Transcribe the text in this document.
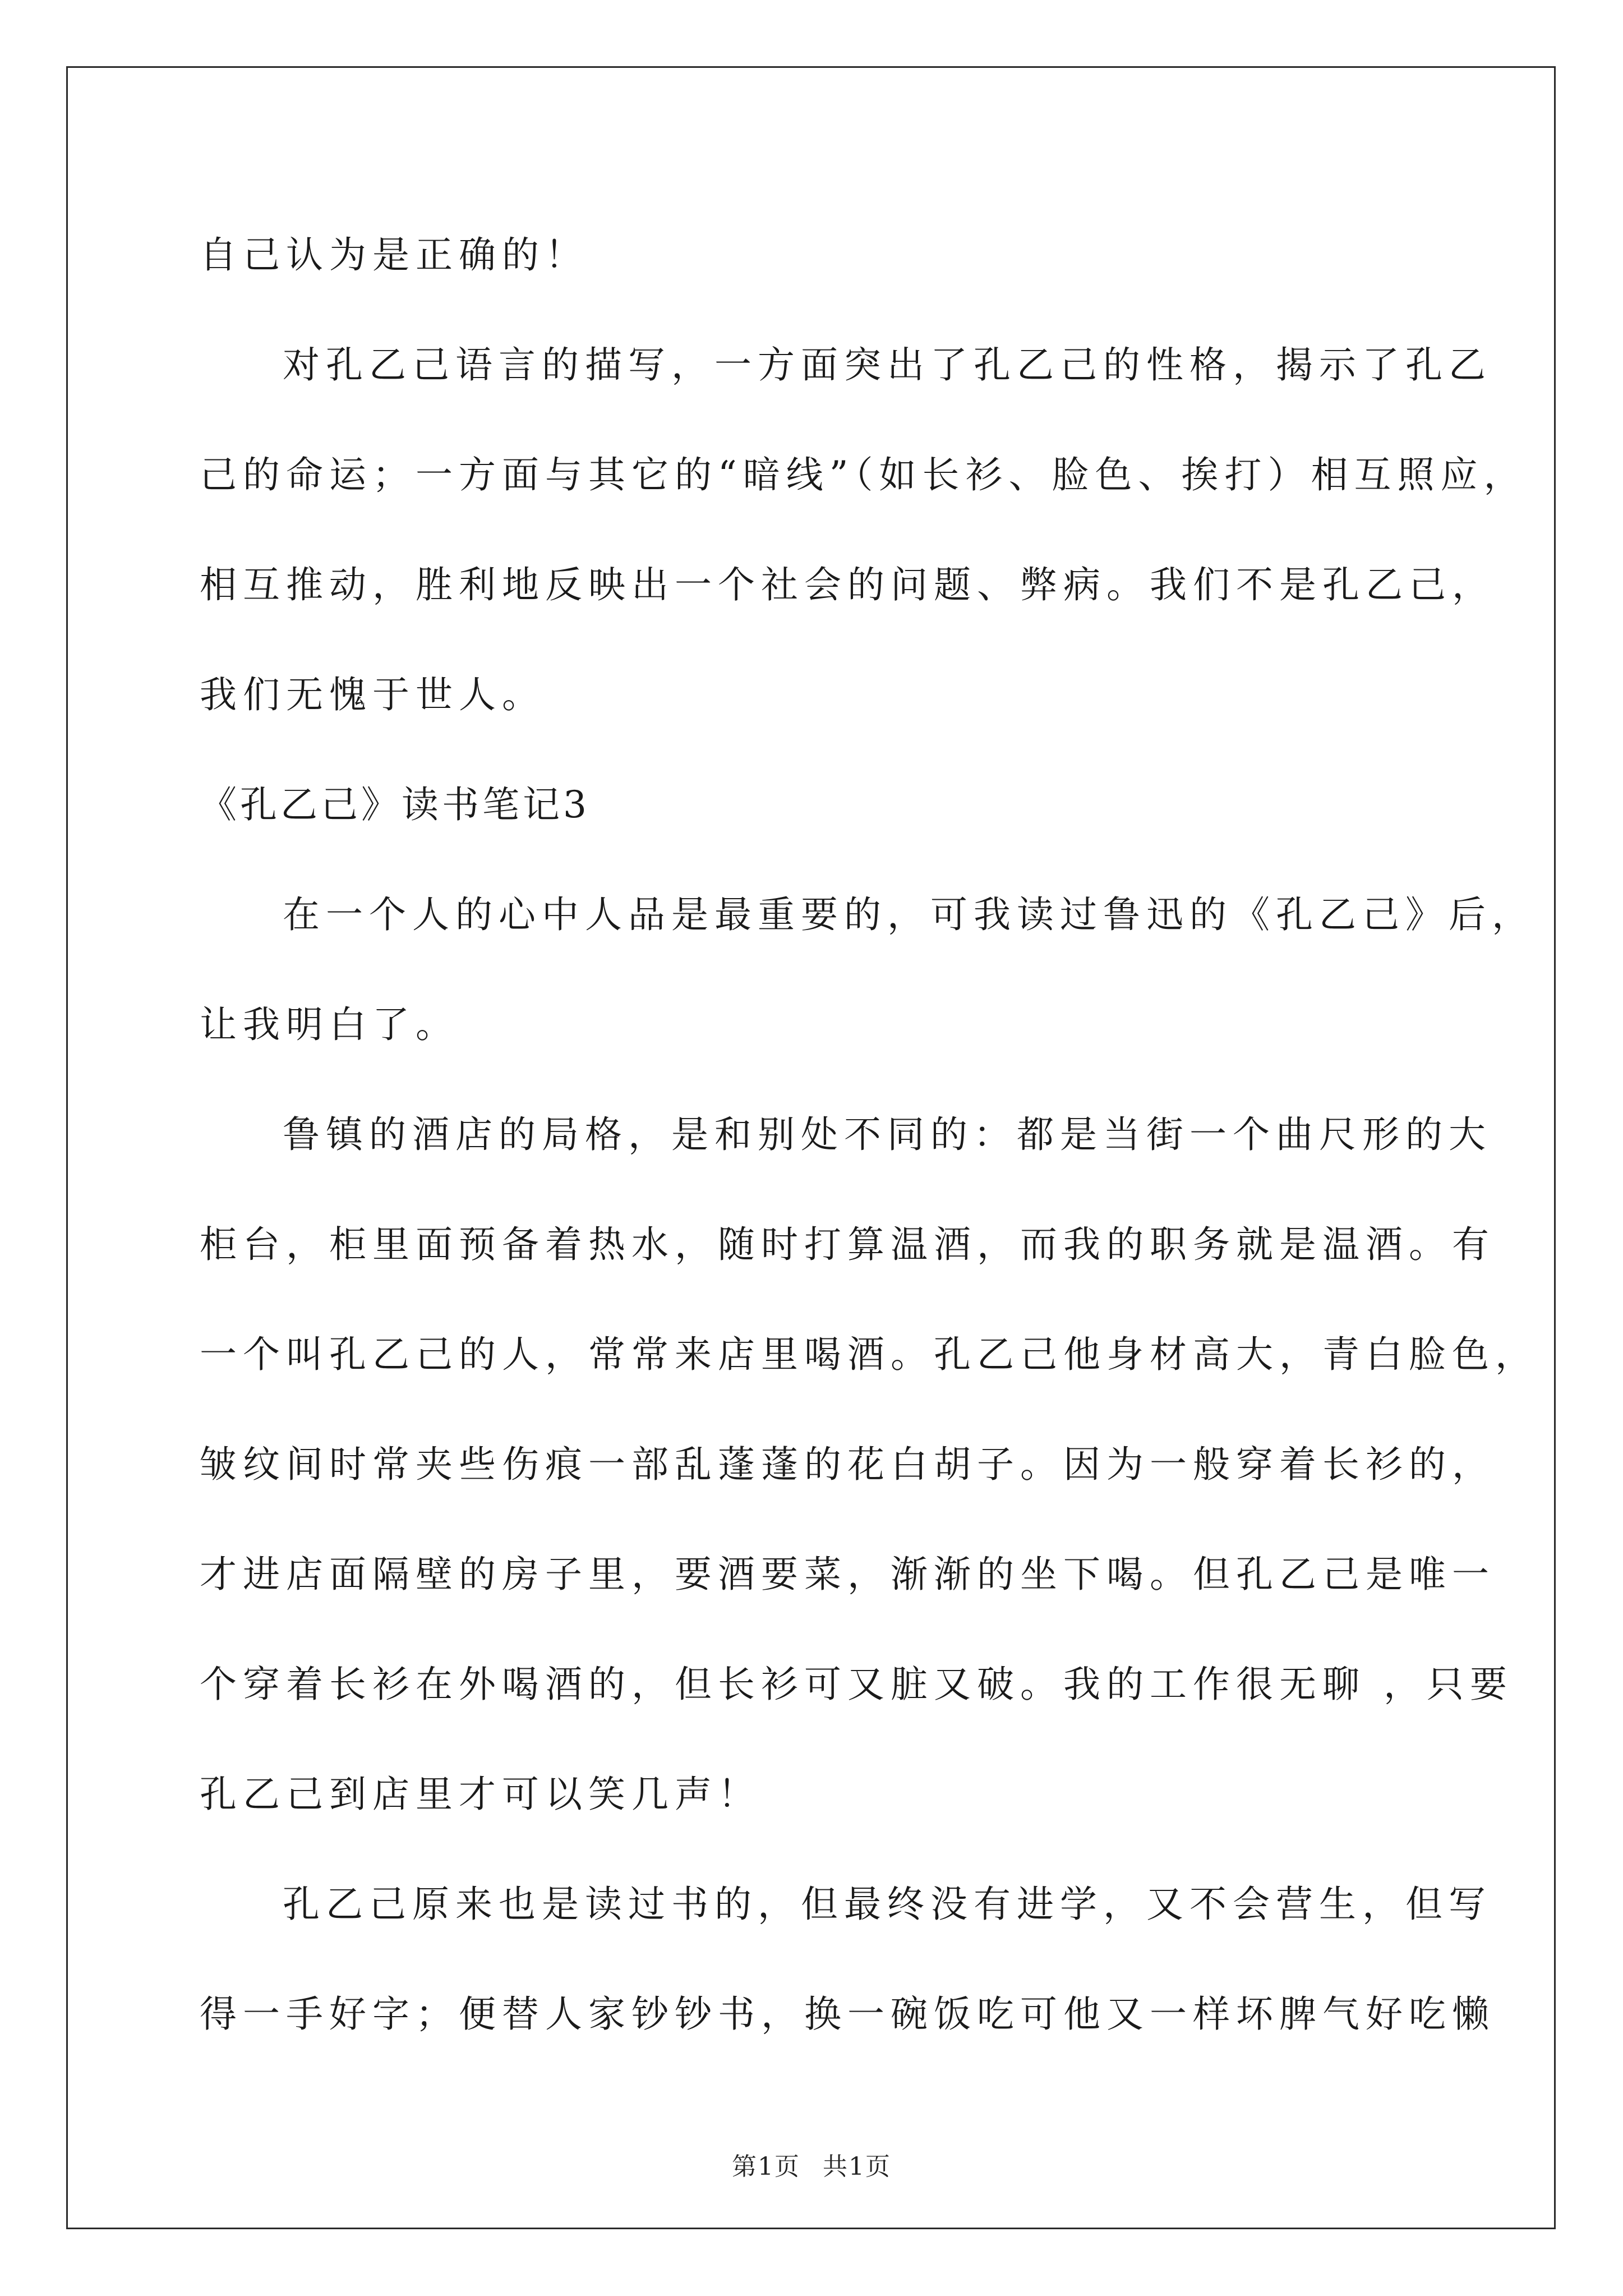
自己认为是正确的！
对孔乙己语言的描写，一方面突出了孔乙己的性格，揭示了孔乙
己的命运；一方面与其它的“暗线”（如长衫、脸色、挨打）相互照应，
相互推动，胜利地反映出一个社会的问题、弊病。我们不是孔乙己，
我们无愧于世人。
《孔乙己》读书笔记3
在一个人的心中人品是最重要的，可我读过鲁迅的《孔乙己》后，
让我明白了。
鲁镇的酒店的局格，是和别处不同的：都是当街一个曲尺形的大
柜台，柜里面预备着热水，随时打算温酒，而我的职务就是温酒。有
一个叫孔乙己的人，常常来店里喝酒。孔乙己他身材高大，青白脸色，
皱纹间时常夹些伤痕一部乱蓬蓬的花白胡子。因为一般穿着长衫的，
才进店面隔壁的房子里，要酒要菜，渐渐的坐下喝。但孔乙己是唯一
个穿着长衫在外喝酒的，但长衫可又脏又破。我的工作很无聊 ，只要
孔乙己到店里才可以笑几声！
孔乙己原来也是读过书的，但最终没有进学，又不会营生，但写
得一手好字；便替人家钞钞书，换一碗饭吃可他又一样坏脾气好吃懒
第1页 共1页
